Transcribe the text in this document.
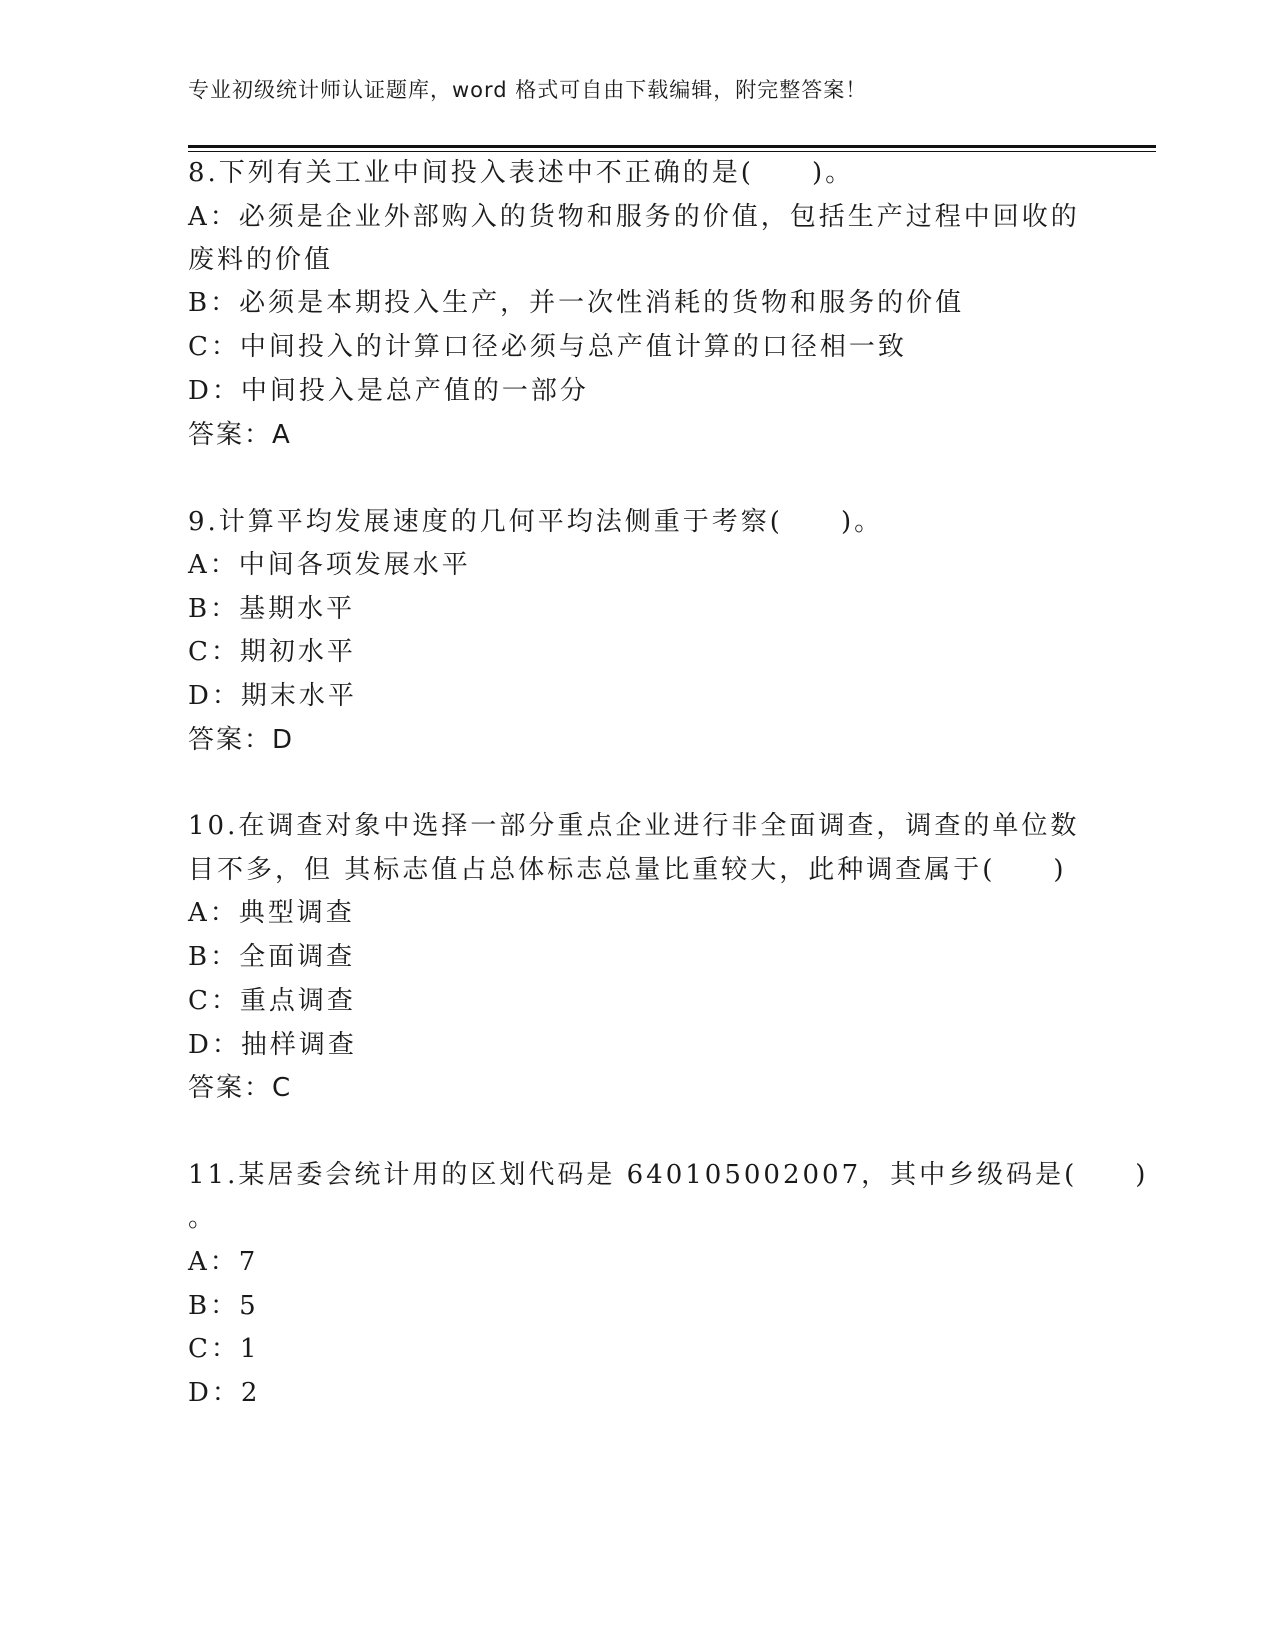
专业初级统计师认证题库，word 格式可自由下载编辑，附完整答案！
8.下列有关工业中间投入表述中不正确的是(　　)。
A：必须是企业外部购入的货物和服务的价值，包括生产过程中回收的
废料的价值
B：必须是本期投入生产，并一次性消耗的货物和服务的价值
C：中间投入的计算口径必须与总产值计算的口径相一致
D：中间投入是总产值的一部分
答案：A
9.计算平均发展速度的几何平均法侧重于考察(　　)。
A：中间各项发展水平
B：基期水平
C：期初水平
D：期末水平
答案：D
10.在调查对象中选择一部分重点企业进行非全面调查，调查的单位数
目不多，但 其标志值占总体标志总量比重较大，此种调查属于(　　)
A：典型调查
B：全面调查
C：重点调查
D：抽样调查
答案：C
11.某居委会统计用的区划代码是 640105002007，其中乡级码是(　　)
。
A：7
B：5
C：1
D：2
